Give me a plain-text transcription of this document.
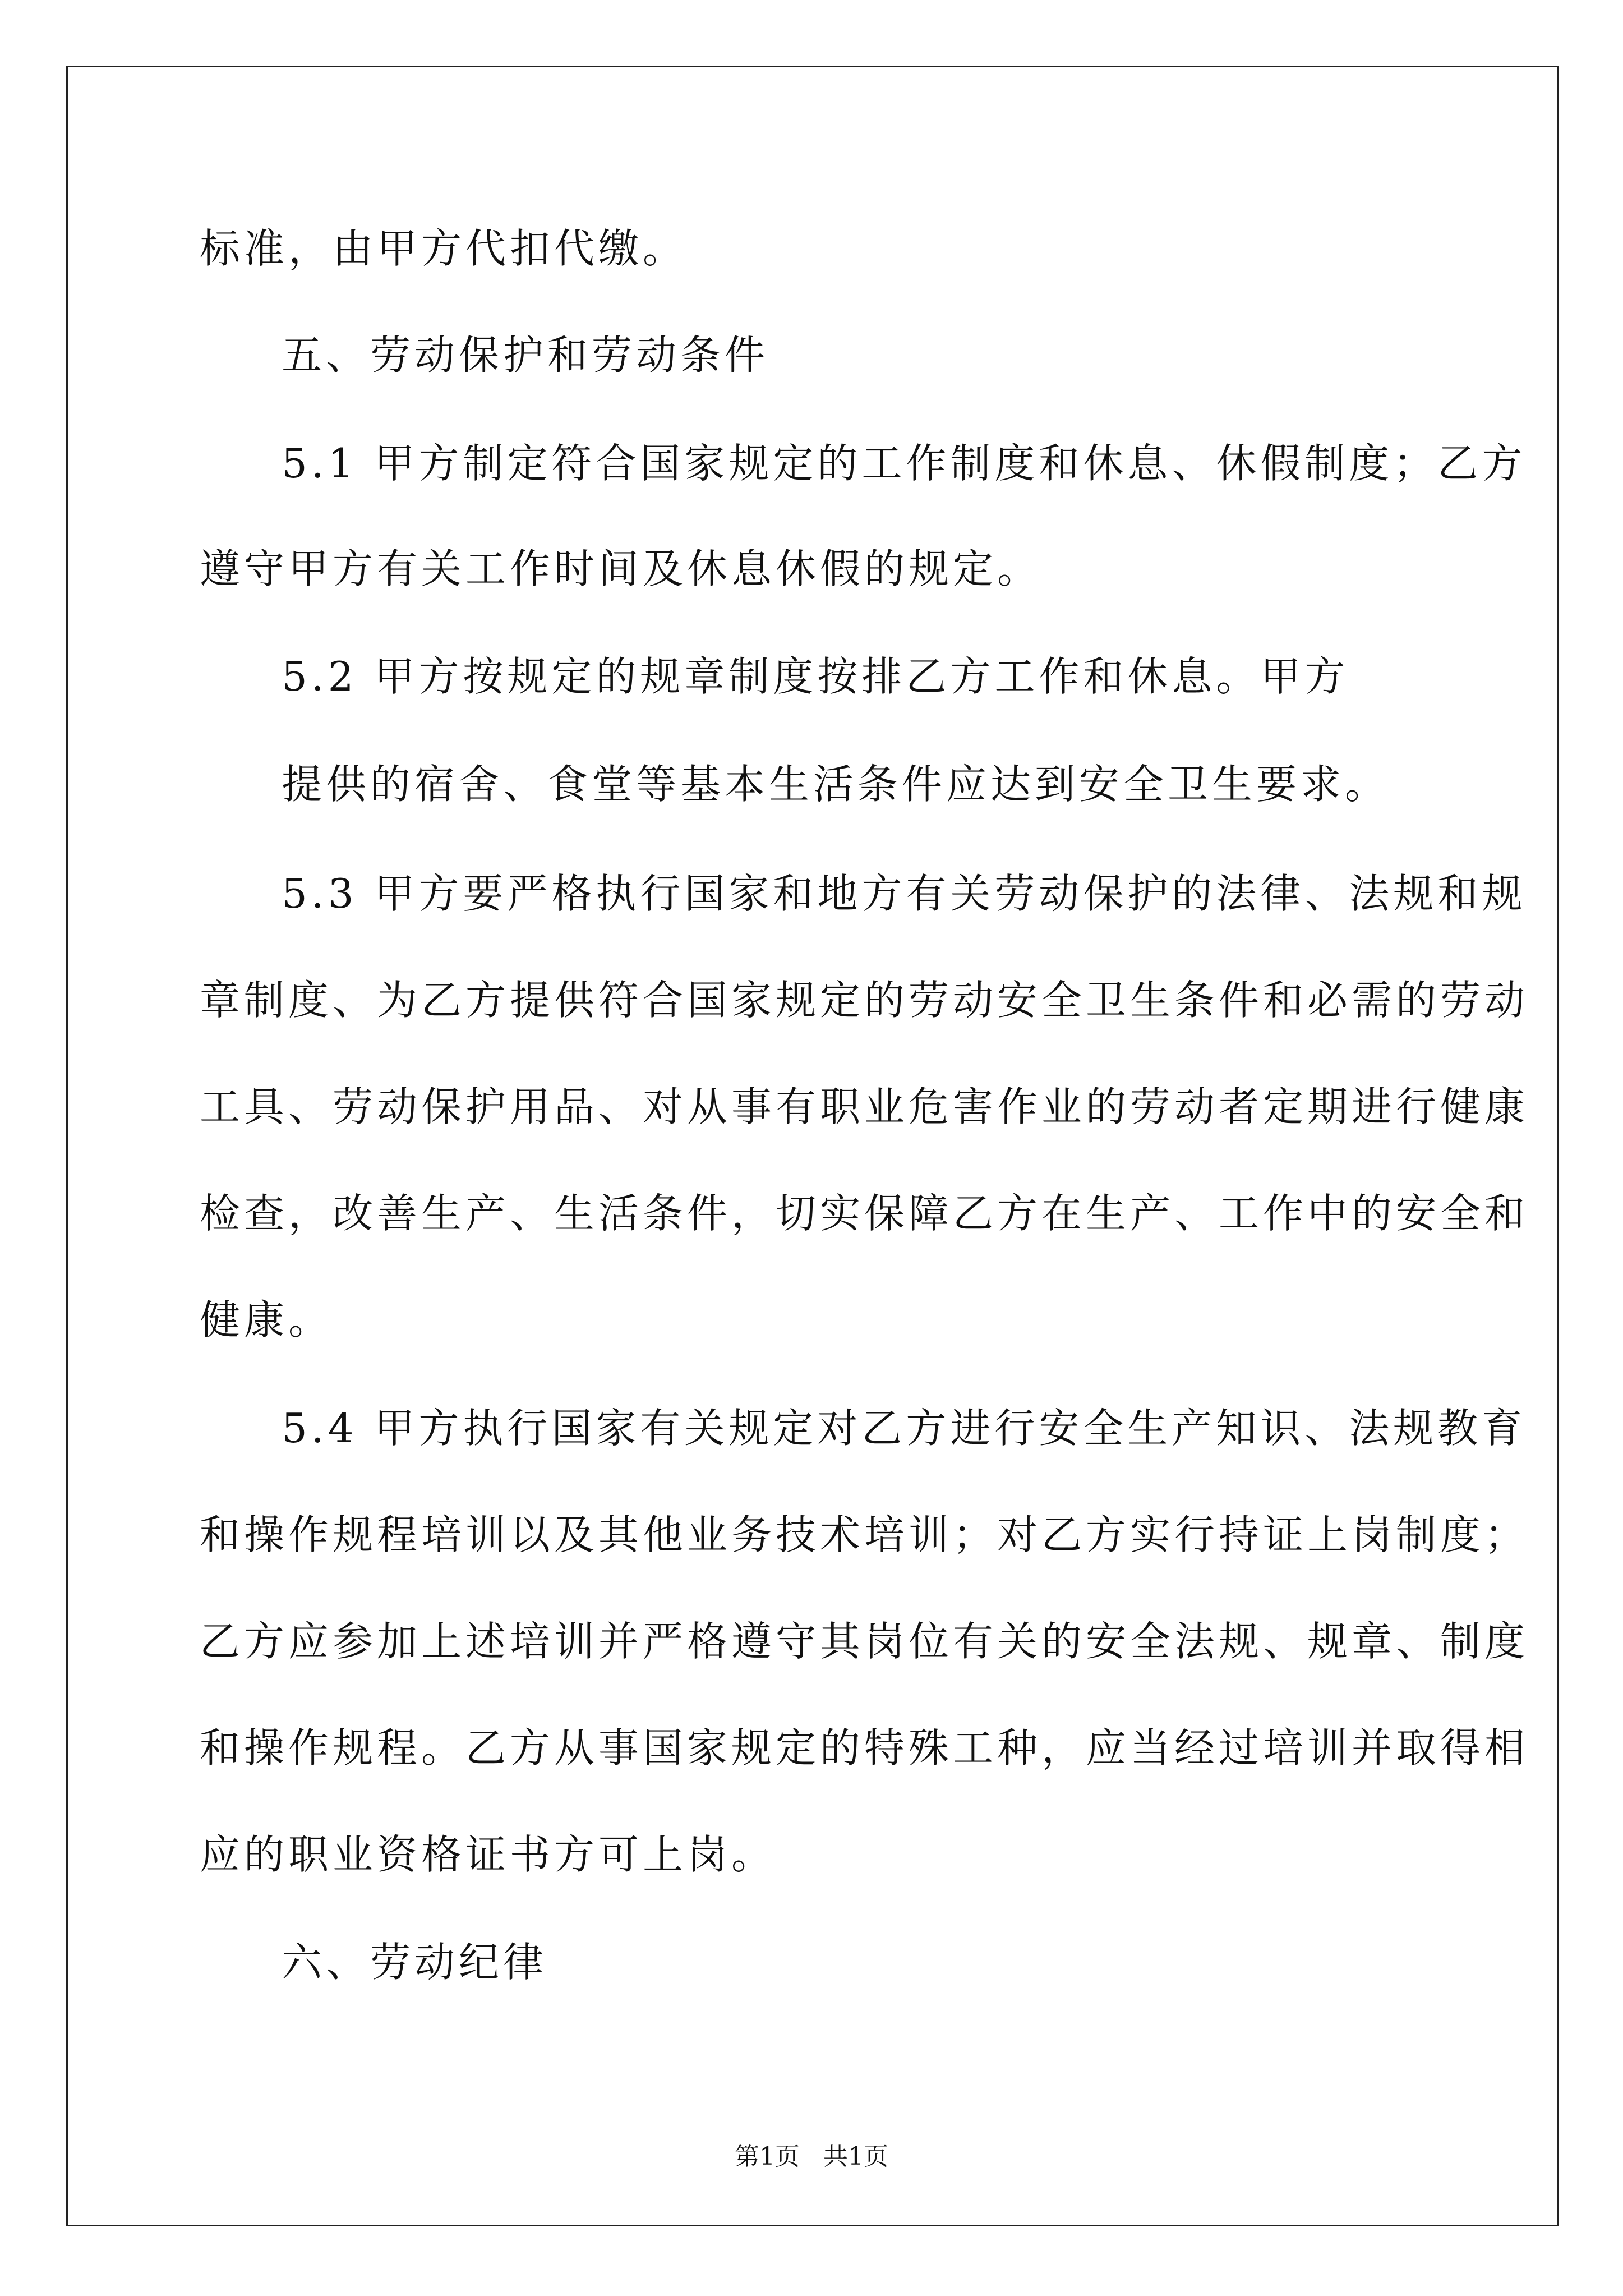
标准，由甲方代扣代缴。
五、劳动保护和劳动条件
5.1 甲方制定符合国家规定的工作制度和休息、休假制度；乙方
遵守甲方有关工作时间及休息休假的规定。
5.2 甲方按规定的规章制度按排乙方工作和休息。甲方
提供的宿舍、食堂等基本生活条件应达到安全卫生要求。
5.3 甲方要严格执行国家和地方有关劳动保护的法律、法规和规
章制度、为乙方提供符合国家规定的劳动安全卫生条件和必需的劳动
工具、劳动保护用品、对从事有职业危害作业的劳动者定期进行健康
检查，改善生产、生活条件，切实保障乙方在生产、工作中的安全和
健康。
5.4 甲方执行国家有关规定对乙方进行安全生产知识、法规教育
和操作规程培训以及其他业务技术培训；对乙方实行持证上岗制度；
乙方应参加上述培训并严格遵守其岗位有关的安全法规、规章、制度
和操作规程。乙方从事国家规定的特殊工种，应当经过培训并取得相
应的职业资格证书方可上岗。
六、劳动纪律
第1页   共1页
